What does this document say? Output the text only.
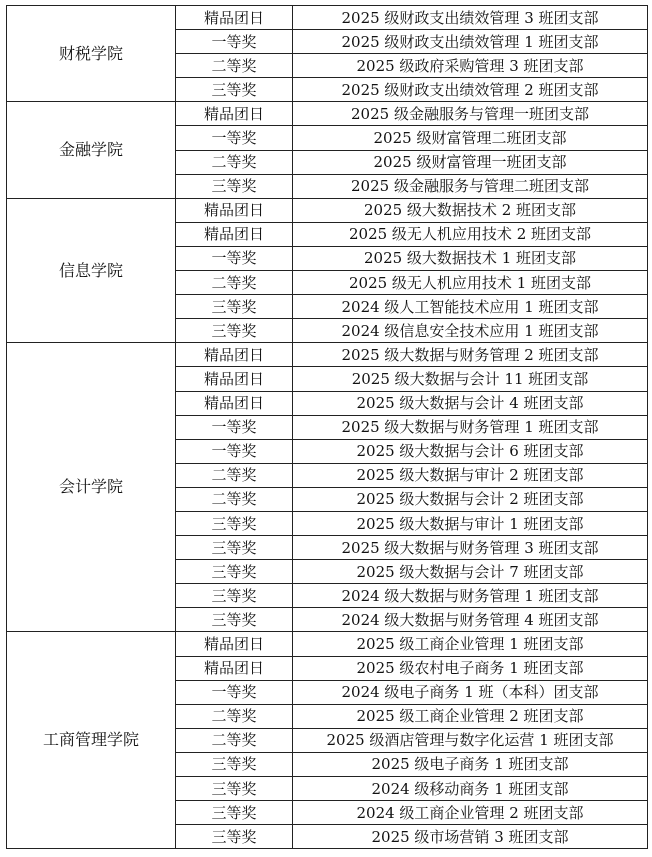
财税学院	精品团日	2025 级财政支出绩效管理 3 班团支部
	一等奖	2025 级财政支出绩效管理 1 班团支部
	二等奖	2025 级政府采购管理 3 班团支部
	三等奖	2025 级财政支出绩效管理 2 班团支部
金融学院	精品团日	2025 级金融服务与管理一班团支部
	一等奖	2025 级财富管理二班团支部
	二等奖	2025 级财富管理一班团支部
	三等奖	2025 级金融服务与管理二班团支部
信息学院	精品团日	2025 级大数据技术 2 班团支部
	精品团日	2025 级无人机应用技术 2 班团支部
	一等奖	2025 级大数据技术 1 班团支部
	二等奖	2025 级无人机应用技术 1 班团支部
	三等奖	2024 级人工智能技术应用 1 班团支部
	三等奖	2024 级信息安全技术应用 1 班团支部
会计学院	精品团日	2025 级大数据与财务管理 2 班团支部
	精品团日	2025 级大数据与会计 11 班团支部
	精品团日	2025 级大数据与会计 4 班团支部
	一等奖	2025 级大数据与财务管理 1 班团支部
	一等奖	2025 级大数据与会计 6 班团支部
	二等奖	2025 级大数据与审计 2 班团支部
	二等奖	2025 级大数据与会计 2 班团支部
	三等奖	2025 级大数据与审计 1 班团支部
	三等奖	2025 级大数据与财务管理 3 班团支部
	三等奖	2025 级大数据与会计 7 班团支部
	三等奖	2024 级大数据与财务管理 1 班团支部
	三等奖	2024 级大数据与财务管理 4 班团支部
工商管理学院	精品团日	2025 级工商企业管理 1 班团支部
	精品团日	2025 级农村电子商务 1 班团支部
	一等奖	2024 级电子商务 1 班（本科）团支部
	二等奖	2025 级工商企业管理 2 班团支部
	二等奖	2025 级酒店管理与数字化运营 1 班团支部
	三等奖	2025 级电子商务 1 班团支部
	三等奖	2024 级移动商务 1 班团支部
	三等奖	2024 级工商企业管理 2 班团支部
	三等奖	2025 级市场营销 3 班团支部
